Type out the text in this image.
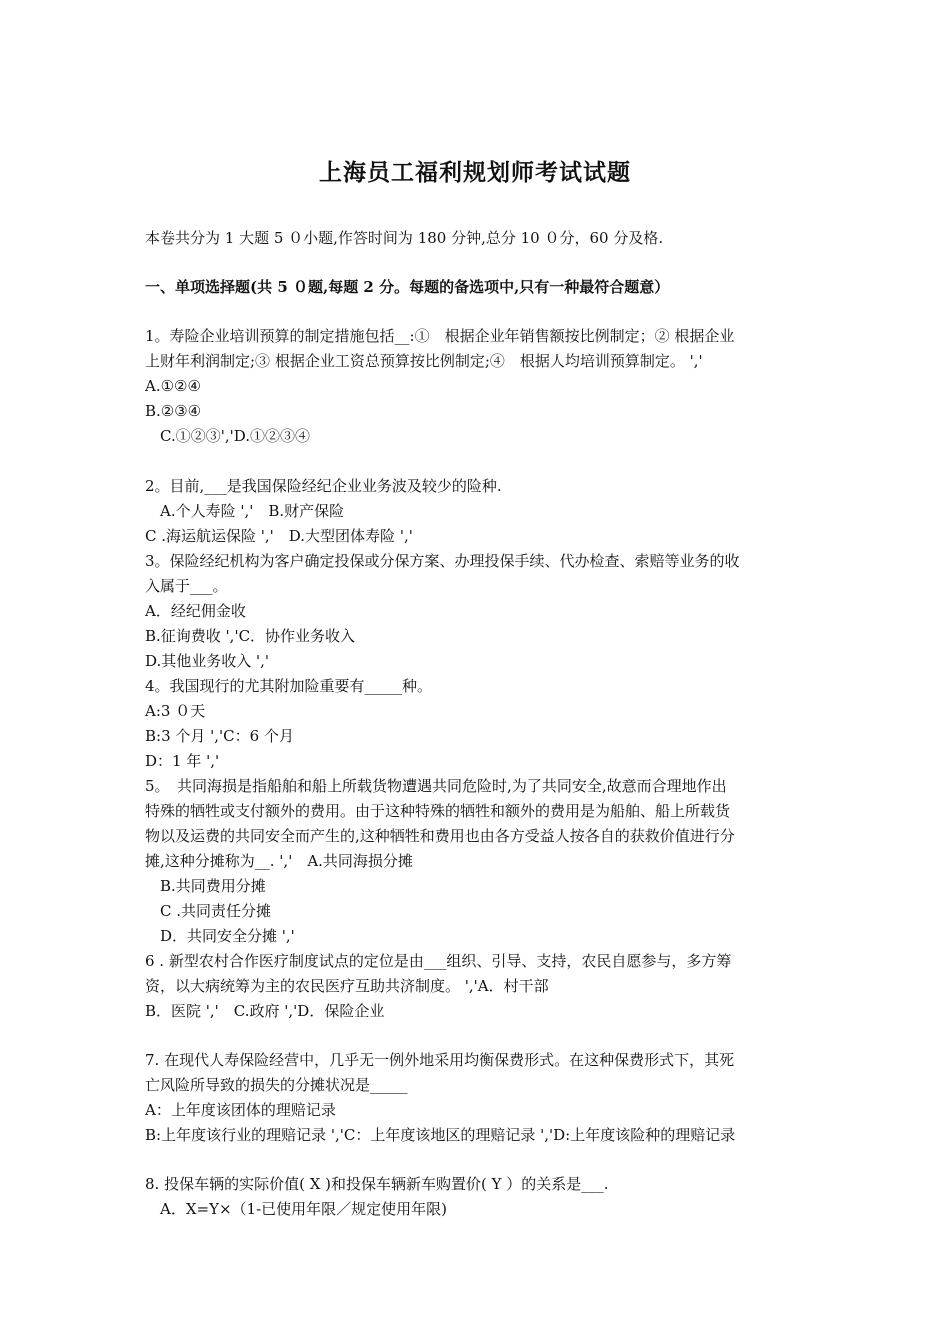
上海员工福利规划师考试试题
本卷共分为 1 大题 5 ０小题,作答时间为 180 分钟,总分 10 ０分，60 分及格.
一、单项选择题(共 5 ０题,每题 2 分。每题的备选项中,只有一种最符合题意）
1。寿险企业培训预算的制定措施包括__:①　根据企业年销售额按比例制定；② 根据企业
上财年利润制定;③ 根据企业工资总预算按比例制定;④　根据人均培训预算制定。 ','
A.①②④
B.②③④
　C.①②③','D.①②③④
2。目前,___是我国保险经纪企业业务波及较少的险种.
　A.个人寿险 ','　B.财产保险
C .海运航运保险 ','　D.大型团体寿险 ','
3。保险经纪机构为客户确定投保或分保方案、办理投保手续、代办检查、索赔等业务的收
入属于___。
A．经纪佣金收
B.征询费收 ','C．协作业务收入
D.其他业务收入 ','
4。我国现行的尤其附加险重要有_____种。
A:3 ０天
B:3 个月 ','C：6 个月
D：1 年 ','
5。　共同海损是指船舶和船上所载货物遭遇共同危险时,为了共同安全,故意而合理地作出
特殊的牺牲或支付额外的费用。由于这种特殊的牺牲和额外的费用是为船舶、船上所载货
物以及运费的共同安全而产生的,这种牺牲和费用也由各方受益人按各自的获救价值进行分
摊,这种分摊称为__. ','　A.共同海损分摊
　B.共同费用分摊
　C .共同责任分摊
　D．共同安全分摊 ','
6 . 新型农村合作医疗制度试点的定位是由___组织、引导、支持，农民自愿参与，多方筹
资，以大病统筹为主的农民医疗互助共济制度。 ','A．村干部
B．医院 ','　C.政府 ','D．保险企业
7. 在现代人寿保险经营中，几乎无一例外地采用均衡保费形式。在这种保费形式下，其死
亡风险所导致的损失的分摊状况是_____
A：上年度该团体的理赔记录
B:上年度该行业的理赔记录 ','C：上年度该地区的理赔记录 ','D:上年度该险种的理赔记录
8. 投保车辆的实际价值( X )和投保车辆新车购置价( Y ）的关系是___.
　A．X=Y×（1-已使用年限／规定使用年限)
